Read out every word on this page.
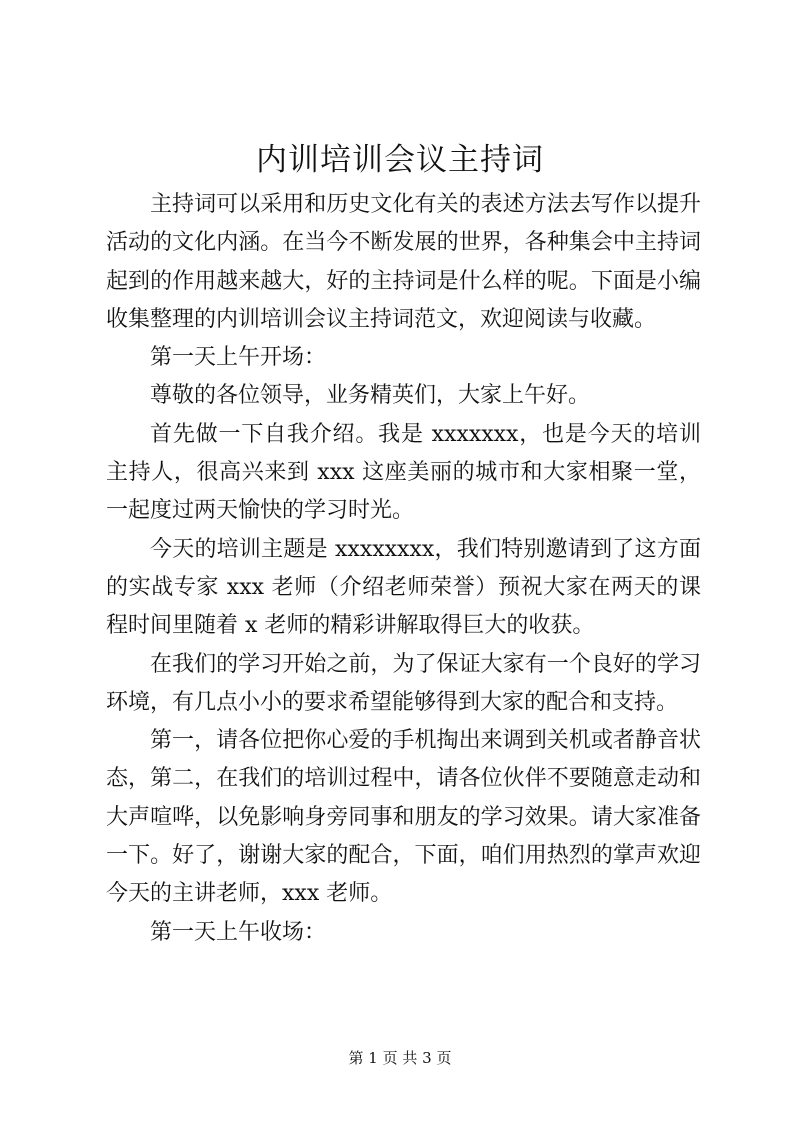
内训培训会议主持词

主持词可以采用和历史文化有关的表述方法去写作以提升活动的文化内涵。在当今不断发展的世界，各种集会中主持词起到的作用越来越大，好的主持词是什么样的呢。下面是小编收集整理的内训培训会议主持词范文，欢迎阅读与收藏。

第一天上午开场：

尊敬的各位领导，业务精英们，大家上午好。

首先做一下自我介绍。我是 xxxxxxx，也是今天的培训主持人，很高兴来到 xxx 这座美丽的城市和大家相聚一堂，一起度过两天愉快的学习时光。

今天的培训主题是 xxxxxxxx，我们特别邀请到了这方面的实战专家 xxx 老师（介绍老师荣誉）预祝大家在两天的课程时间里随着 x 老师的精彩讲解取得巨大的收获。

在我们的学习开始之前，为了保证大家有一个良好的学习环境，有几点小小的要求希望能够得到大家的配合和支持。

第一，请各位把你心爱的手机掏出来调到关机或者静音状态，第二，在我们的培训过程中，请各位伙伴不要随意走动和大声喧哗，以免影响身旁同事和朋友的学习效果。请大家准备一下。好了，谢谢大家的配合，下面，咱们用热烈的掌声欢迎今天的主讲老师，xxx 老师。

第一天上午收场：

第 1 页 共 3 页
